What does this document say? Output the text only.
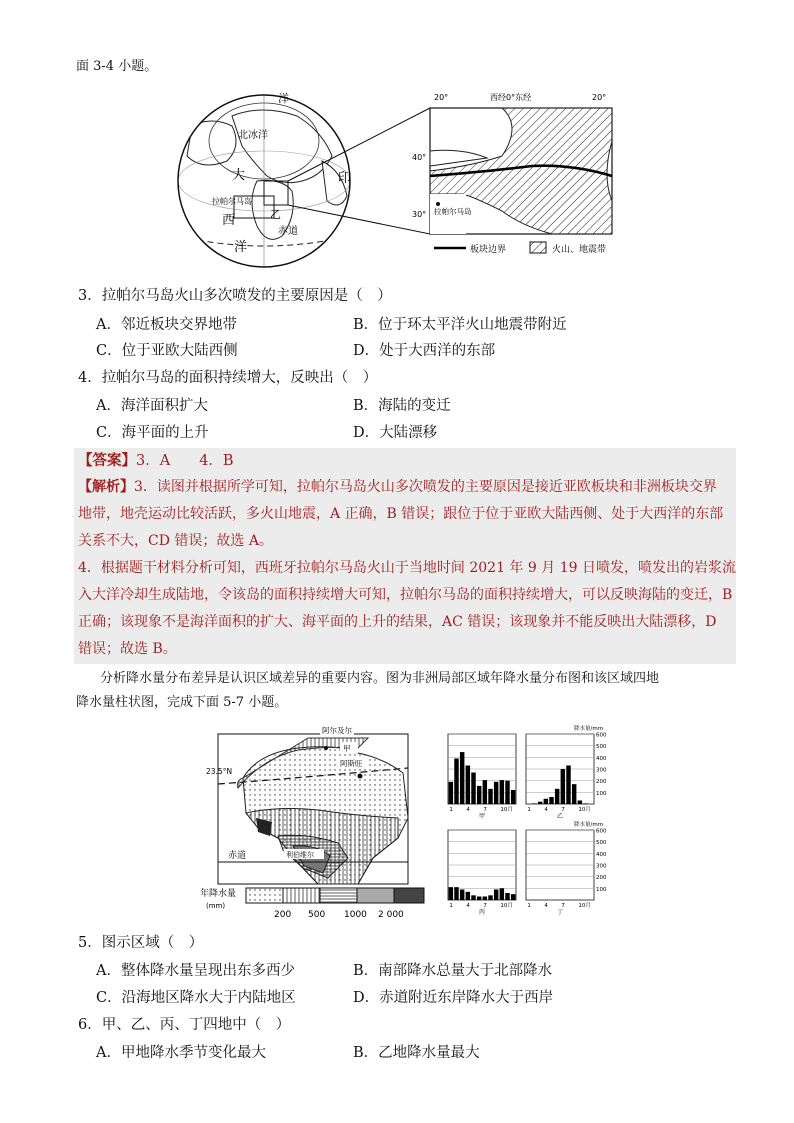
面 3-4 小题。
洋
北冰洋
大	印
拉帕尔马岛
西
赤道
洋
乙
20°	西经0°东经	20°
40°
30° 拉帕尔马岛
板块边界	火山、地震带
3．拉帕尔马岛火山多次喷发的主要原因是（　）
A．邻近板块交界地带	B．位于环太平洋火山地震带附近
C．位于亚欧大陆西侧	D．处于大西洋的东部
4．拉帕尔马岛的面积持续增大，反映出（　）
A．海洋面积扩大	B．海陆的变迁
C．海平面的上升	D．大陆漂移
【答案】3．A　　4．B
【解析】3．读图并根据所学可知，拉帕尔马岛火山多次喷发的主要原因是接近亚欧板块和非洲板块交界
地带，地壳运动比较活跃，多火山地震，A 正确，B 错误；跟位于位于亚欧大陆西侧、处于大西洋的东部
关系不大，CD 错误；故选 A。
4．根据题干材料分析可知，西班牙拉帕尔马岛火山于当地时间 2021 年 9 月 19 日喷发，喷发出的岩浆流
入大洋冷却生成陆地，令该岛的面积持续增大可知，拉帕尔马岛的面积持续增大，可以反映海陆的变迁，B
正确；该现象不是海洋面积的扩大、海平面的上升的结果，AC 错误；该现象并不能反映出大陆漂移，D
错误；故选 B。
分析降水量分布差异是认识区域差异的重要内容。图为非洲局部区域年降水量分布图和该区域四地
降水量柱状图，完成下面 5-7 小题。
阿尔及尔
甲
23.5°N
阿斯旺
赤道	利伯维尔
年降水量
(mm)
200 500 1000 2 000
1 4 7 10月
甲
600
500
400
300
200
100
降水量/mm
1 4 7 10月
乙
1 4 7 10月
丙
600
500
400
300
200
100
降水量/mm
1 4 7 10月
丁
5．图示区域（　）
A．整体降水量呈现出东多西少	B．南部降水总量大于北部降水
C．沿海地区降水大于内陆地区	D．赤道附近东岸降水大于西岸
6．甲、乙、丙、丁四地中（　）
A．甲地降水季节变化最大	B．乙地降水量最大
